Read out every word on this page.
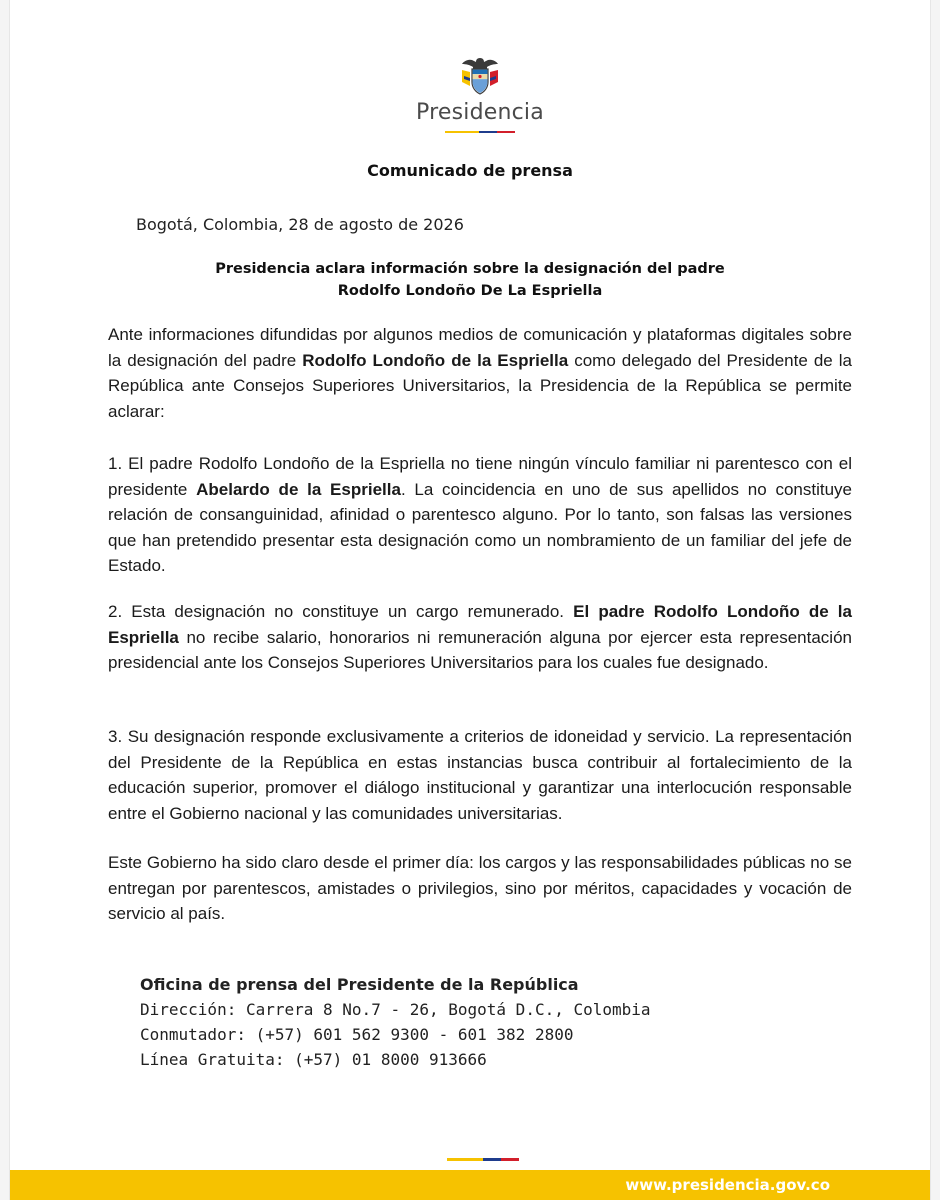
Presidencia
Comunicado de prensa
Bogotá, Colombia, 28 de agosto de 2026
Presidencia aclara información sobre la designación del padre
Rodolfo Londoño De La Espriella
Ante informaciones difundidas por algunos medios de comunicación y plataformas digitales sobre la designación del padre Rodolfo Londoño de la Espriella como delegado del Presidente de la República ante Consejos Superiores Universitarios, la Presidencia de la República se permite aclarar:
1. El padre Rodolfo Londoño de la Espriella no tiene ningún vínculo familiar ni parentesco con el presidente Abelardo de la Espriella. La coincidencia en uno de sus apellidos no constituye relación de consanguinidad, afinidad o parentesco alguno. Por lo tanto, son falsas las versiones que han pretendido presentar esta designación como un nombramiento de un familiar del jefe de Estado.
2. Esta designación no constituye un cargo remunerado. El padre Rodolfo Londoño de la Espriella no recibe salario, honorarios ni remuneración alguna por ejercer esta representación presidencial ante los Consejos Superiores Universitarios para los cuales fue designado.
3. Su designación responde exclusivamente a criterios de idoneidad y servicio. La representación del Presidente de la República en estas instancias busca contribuir al fortalecimiento de la educación superior, promover el diálogo institucional y garantizar una interlocución responsable entre el Gobierno nacional y las comunidades universitarias.
Este Gobierno ha sido claro desde el primer día: los cargos y las responsabilidades públicas no se entregan por parentescos, amistades o privilegios, sino por méritos, capacidades y vocación de servicio al país.
Oficina de prensa del Presidente de la República
Dirección: Carrera 8 No.7 - 26, Bogotá D.C., Colombia
Conmutador: (+57) 601 562 9300 - 601 382 2800
Línea Gratuita: (+57) 01 8000 913666
www.presidencia.gov.co
